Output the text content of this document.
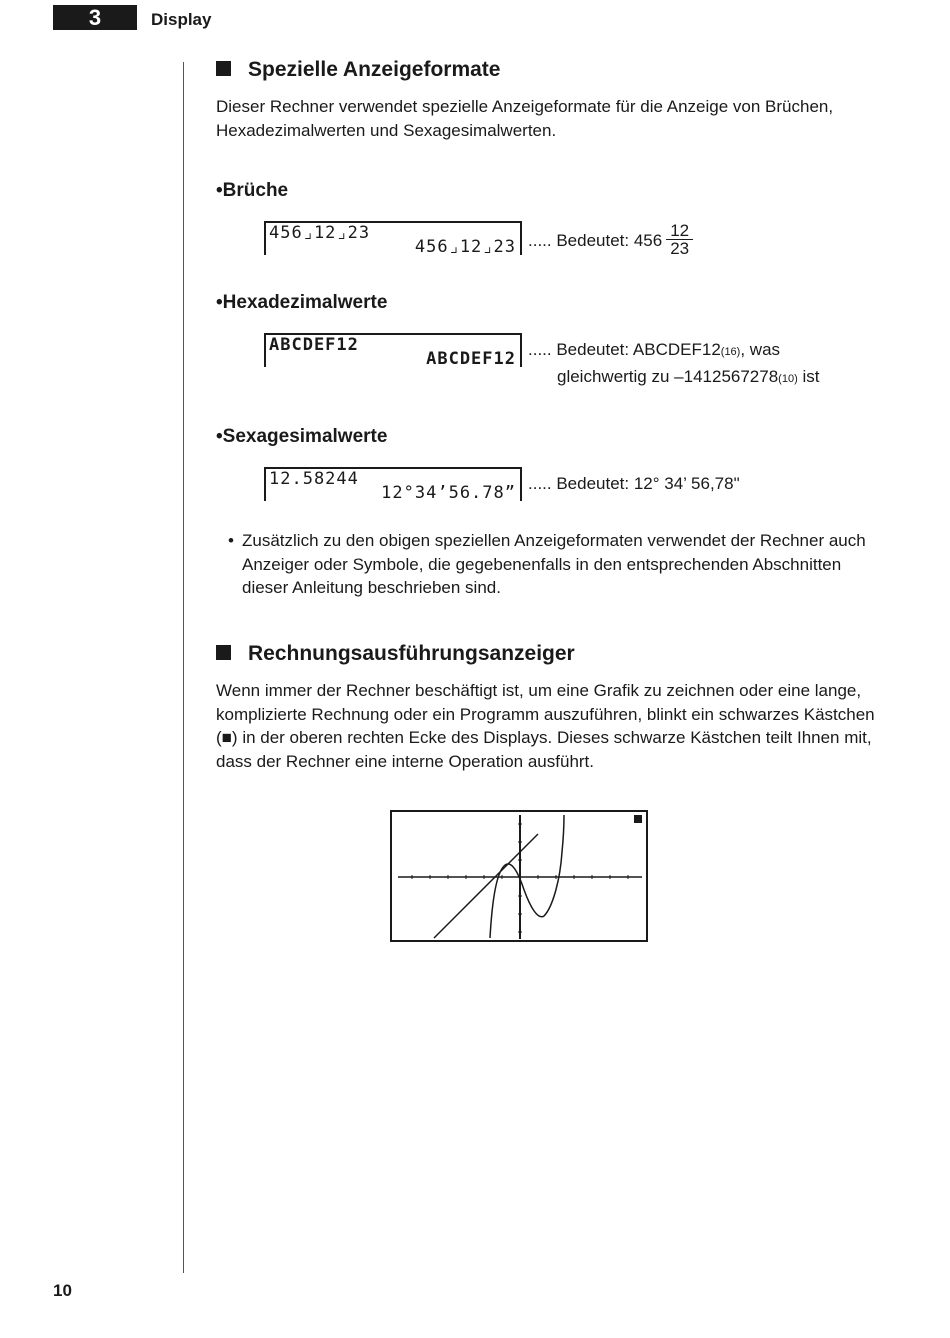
3	Display
Spezielle Anzeigeformate
Dieser Rechner verwendet spezielle Anzeigeformate für die Anzeige von Brüchen, Hexadezimalwerten und Sexagesimalwerten.
•Brüche
456⌟12⌟23
456⌟12⌟23 ..... Bedeutet: $456 \frac{12}{23}$
•Hexadezimalwerte
ABCDEF12
ABCDEF12 ..... Bedeutet: ABCDEF12(16), was
gleichwertig zu –1412567278(10) ist
•Sexagesimalwerte
12.58244
12°34’56.78” ..... Bedeutet: 12° 34’ 56,78"
• Zusätzlich zu den obigen speziellen Anzeigeformaten verwendet der Rechner auch Anzeiger oder Symbole, die gegebenenfalls in den entsprechenden Abschnitten dieser Anleitung beschrieben sind.
Rechnungsausführungsanzeiger
Wenn immer der Rechner beschäftigt ist, um eine Grafik zu zeichnen oder eine lange, komplizierte Rechnung oder ein Programm auszuführen, blinkt ein schwarzes Kästchen (■) in der oberen rechten Ecke des Displays. Dieses schwarze Kästchen teilt Ihnen mit, dass der Rechner eine interne Operation ausführt.
10
